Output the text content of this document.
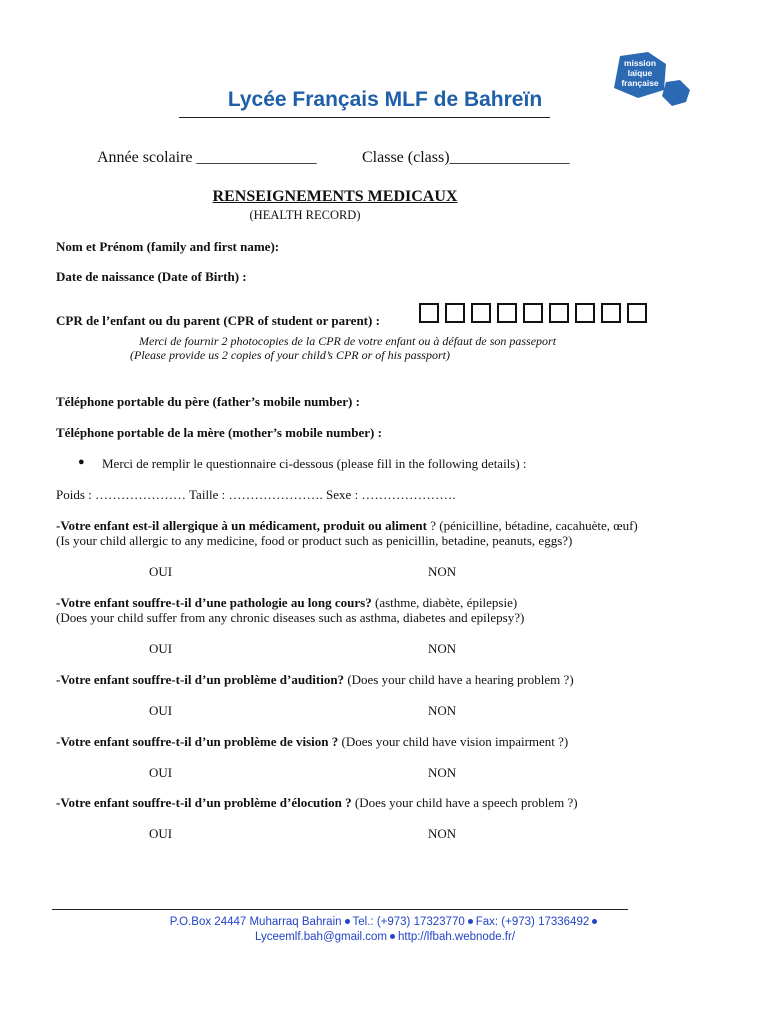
Lycée Français MLF de Bahreïn
mission
laïque
française
Année scolaire _______________	Classe (class)_______________
RENSEIGNEMENTS MEDICAUX
(HEALTH RECORD)
Nom et Prénom (family and first name):
Date de naissance (Date of Birth) :
CPR de l’enfant ou du parent (CPR of student or parent) :
Merci de fournir 2 photocopies de la CPR de votre enfant ou à défaut de son passeport
(Please provide us 2 copies of your child’s CPR or of his passport)
Téléphone portable du père (father’s mobile number) :
Téléphone portable de la mère (mother’s mobile number) :
● Merci de remplir le questionnaire ci-dessous (please fill in the following details) :
Poids : ………………… Taille : …………………. Sexe : ………………….
-Votre enfant est-il allergique à un médicament, produit ou aliment ? (pénicilline, bétadine, cacahuète, œuf)
(Is your child allergic to any medicine, food or product such as penicillin, betadine, peanuts, eggs?)
OUI	NON
-Votre enfant souffre-t-il d’une pathologie au long cours? (asthme, diabète, épilepsie)
(Does your child suffer from any chronic diseases such as asthma, diabetes and epilepsy?)
OUI	NON
-Votre enfant souffre-t-il d’un problème d’audition? (Does your child have a hearing problem ?)
OUI	NON
-Votre enfant souffre-t-il d’un problème de vision ? (Does your child have vision impairment ?)
OUI	NON
-Votre enfant souffre-t-il d’un problème d’élocution ? (Does your child have a speech problem ?)
OUI	NON
P.O.Box 24447 Muharraq Bahrain Tel.: (+973) 17323770 Fax: (+973) 17336492
Lyceemlf.bah@gmail.com http://lfbah.webnode.fr/
